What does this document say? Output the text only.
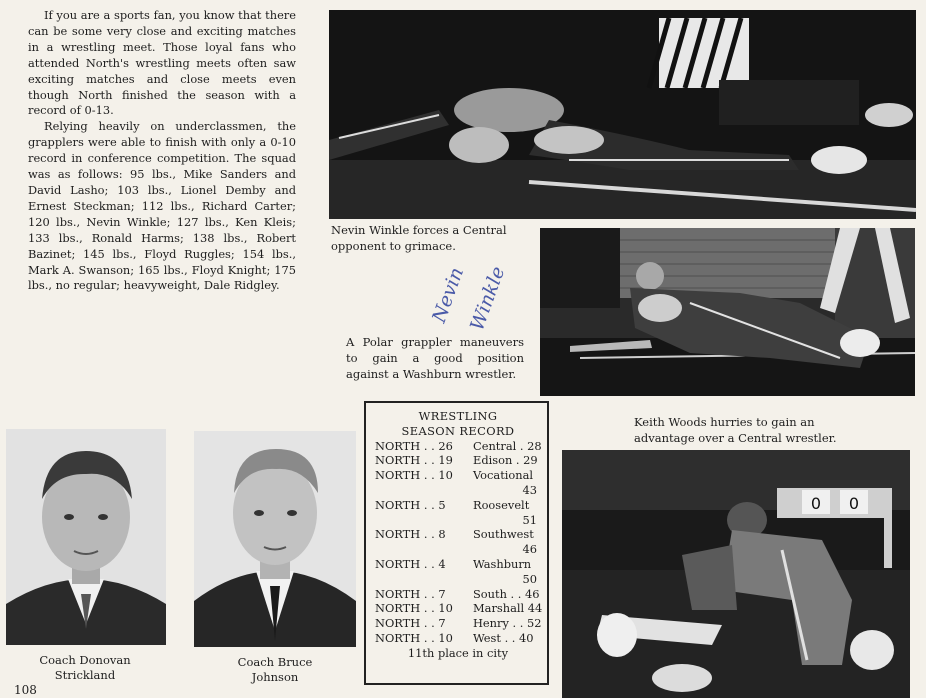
If you are a sports fan, you know that there can be some very close and exciting matches in a wrestling meet. Those loyal fans who attended North's wrestling meets often saw exciting matches and close meets even though North finished the season with a record of 0-13.

Relying heavily on underclassmen, the grapplers were able to finish with only a 0-10 record in conference competition. The squad was as follows: 95 lbs., Mike Sanders and David Lasho; 103 lbs., Lionel Demby and Ernest Steckman; 112 lbs., Richard Carter; 120 lbs., Nevin Winkle; 127 lbs., Ken Kleis; 133 lbs., Ronald Harms; 138 lbs., Robert Bazinet; 145 lbs., Floyd Ruggles; 154 lbs., Mark A. Swanson; 165 lbs., Floyd Knight; 175 lbs., no regular; heavyweight, Dale Ridgley.

Nevin Winkle forces a Central opponent to grimace.
Nevin
Winkle
A Polar grappler maneuvers to gain a good position against a Washburn wrestler.
Keith Woods hurries to gain an advantage over a Central wrestler.
0 0
WRESTLING
SEASON RECORD
NORTH . . 26 Central . 28
NORTH . . 19 Edison . 29
NORTH . . 10 Vocational
43
NORTH . . 5 Roosevelt
51
NORTH . . 8 Southwest
46
NORTH . . 4 Washburn
50
NORTH . . 7 South . . 46
NORTH . . 10 Marshall 44
NORTH . . 7 Henry . . 52
NORTH . . 10 West . . 40
11th place in city
Coach Donovan
Strickland
Coach Bruce
Johnson
108
